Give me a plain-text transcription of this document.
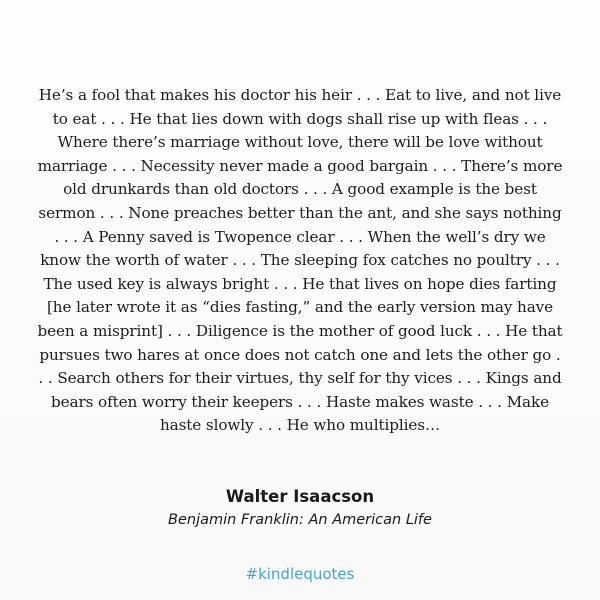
He’s a fool that makes his doctor his heir . . . Eat to live, and not live to eat . . . He that lies down with dogs shall rise up with fleas . . . Where there’s marriage without love, there will be love without marriage . . . Necessity never made a good bargain . . . There’s more old drunkards than old doctors . . . A good example is the best sermon . . . None preaches better than the ant, and she says nothing . . . A Penny saved is Twopence clear . . . When the well’s dry we know the worth of water . . . The sleeping fox catches no poultry . . . The used key is always bright . . . He that lives on hope dies farting [he later wrote it as “dies fasting,” and the early version may have been a misprint] . . . Diligence is the mother of good luck . . . He that pursues two hares at once does not catch one and lets the other go . . . Search others for their virtues, thy self for thy vices . . . Kings and bears often worry their keepers . . . Haste makes waste . . . Make haste slowly . . . He who multiplies…

Walter Isaacson

Benjamin Franklin: An American Life

#kindlequotes
